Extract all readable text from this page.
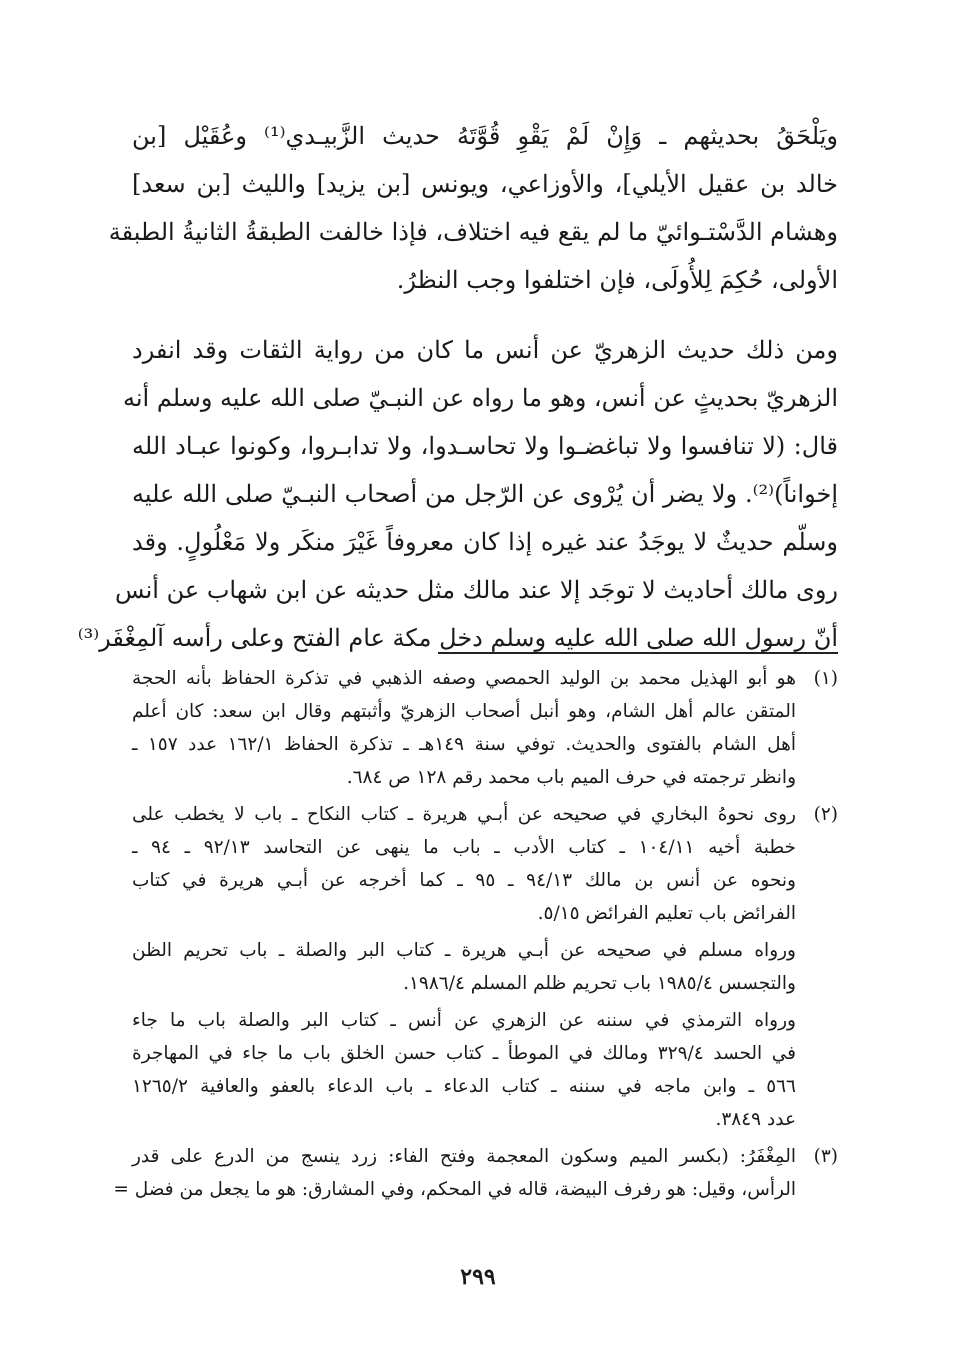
ويَلْحَقُ بحديثهم ـ وَإِنْ لَمْ يَقْوِ قُوَّتَهُ حديث الزَّبيـدي⁽¹⁾ وعُقَيْل [بن
خالد بن عقيل الأيلي]، والأوزاعي، ويونس [بن يزيد] والليث [بن سعد]
وهشام الدَّسْتـوائيّ ما لم يقع فيه اختلاف، فإذا خالفت الطبقةُ الثانيةُ الطبقة
الأولى، حُكِمَ لِلأُولَى، فإن اختلفوا وجب النظرُ.
ومن ذلك حديث الزهريّ عن أنس ما كان من رواية الثقات وقد انفرد
الزهريّ بحديثٍ عن أنس، وهو ما رواه عن النبـيّ صلى الله عليه وسلم أنه
قال: (لا تنافسوا ولا تباغضـوا ولا تحاسـدوا، ولا تدابـروا، وكونوا عبـاد الله
إخواناً)⁽²⁾. ولا يضر أن يُرْوى عن الرّجل من أصحاب النبـيّ صلى الله عليه
وسلّم حديثٌ لا يوجَدُ عند غيره إذا كان معروفاً غَيْرَ منكَر ولا مَعْلُولٍ. وقد
روى مالك أحاديث لا توجَد إلا عند مالك مثل حديثه عن ابن شهاب عن أنس
أنّ رسول الله صلى الله عليه وسلم دخل مكة عام الفتح وعلى رأسه آلمِغْفَر⁽³⁾
(١)
هو أبو الهذيل محمد بن الوليد الحمصي وصفه الذهبي في تذكرة الحفاظ بأنه الحجة
المتقن عالم أهل الشام، وهو أنبل أصحاب الزهريّ وأثبتهم وقال ابن سعد: كان أعلم
أهل الشام بالفتوى والحديث. توفي سنة ١٤٩هـ ـ تذكرة الحفاظ ١٦٢/١ عدد ١٥٧ ـ
وانظر ترجمته في حرف الميم باب محمد رقم ١٢٨ ص ٦٨٤.
(٢)
روى نحوهُ البخاري في صحيحه عن أبـي هريرة ـ كتاب النكاح ـ باب لا يخطب على
خطبة أخيه ١٠٤/١١ ـ كتاب الأدب ـ باب ما ينهى عن التحاسد ٩٢/١٣ ـ ٩٤ ـ
ونحوه عن أنس بن مالك ٩٤/١٣ ـ ٩٥ ـ كما أخرجه عن أبـي هريرة في كتاب
الفرائض باب تعليم الفرائض ٥/١٥.
ورواه مسلم في صحيحه عن أبـي هريرة ـ كتاب البر والصلة ـ باب تحريم الظن
والتجسس ١٩٨٥/٤ باب تحريم ظلم المسلم ١٩٨٦/٤.
ورواه الترمذي في سننه عن الزهري عن أنس ـ كتاب البر والصلة باب ما جاء
في الحسد ٣٢٩/٤ ومالك في الموطأ ـ كتاب حسن الخلق باب ما جاء في المهاجرة
٥٦٦ ـ وابن ماجه في سننه ـ كتاب الدعاء ـ باب الدعاء بالعفو والعافية ١٢٦٥/٢
عدد ٣٨٤٩.
(٣)
المِغْفَرُ: (بكسر الميم وسكون المعجمة وفتح الفاء: زرد ينسج من الدرع على قدر
الرأس، وقيل: هو رفرف البيضة، قاله في المحكم، وفي المشارق: هو ما يجعل من فضل =
٢٩٩
